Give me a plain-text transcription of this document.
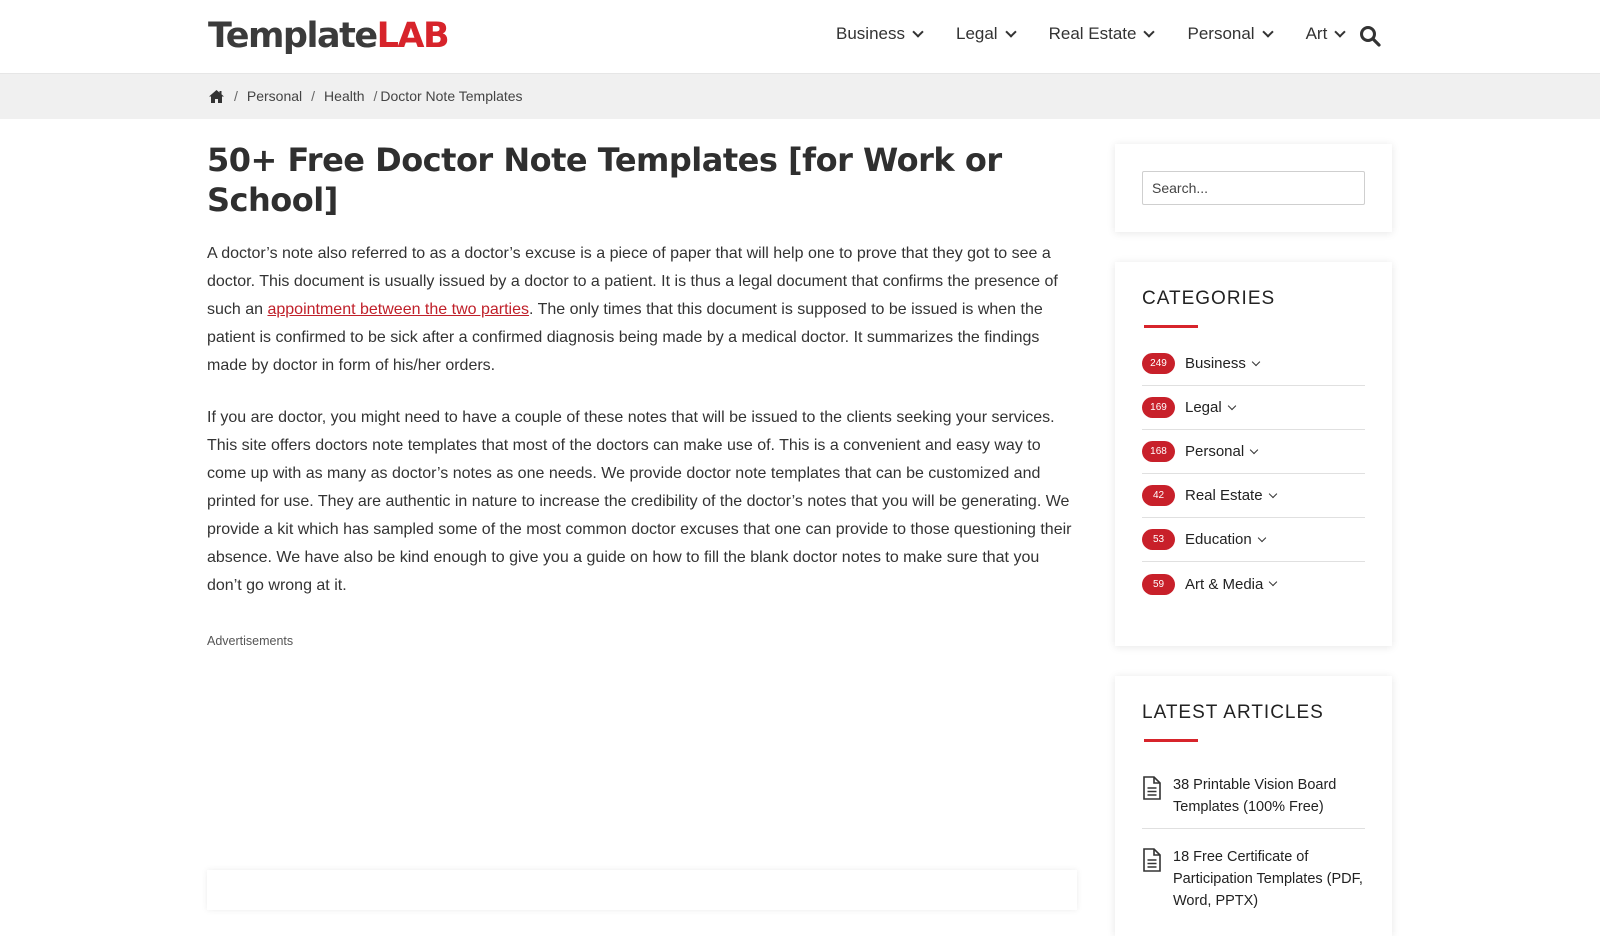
Template LAB	Business	Legal	Real Estate	Personal	Art
/ Personal / Health / Doctor Note Templates
50+ Free Doctor Note Templates [for Work or School]

A doctor’s note also referred to as a doctor’s excuse is a piece of paper that will help one to prove that they got to see a doctor. This document is usually issued by a doctor to a patient. It is thus a legal document that confirms the presence of such an appointment between the two parties. The only times that this document is supposed to be issued is when the patient is confirmed to be sick after a confirmed diagnosis being made by a medical doctor. It summarizes the findings made by doctor in form of his/her orders.

If you are doctor, you might need to have a couple of these notes that will be issued to the clients seeking your services. This site offers doctors note templates that most of the doctors can make use of. This is a convenient and easy way to come up with as many as doctor’s notes as one needs. We provide doctor note templates that can be customized and printed for use. They are authentic in nature to increase the credibility of the doctor’s notes that you will be generating. We provide a kit which has sampled some of the most common doctor excuses that one can provide to those questioning their absence. We have also be kind enough to give you a guide on how to fill the blank doctor notes to make sure that you don’t go wrong at it.

Advertisements
Search...
CATEGORIES
249	Business
169	Legal
168	Personal
42	Real Estate
53	Education
59	Art & Media
LATEST ARTICLES
38 Printable Vision Board Templates (100% Free)
18 Free Certificate of Participation Templates (PDF, Word, PPTX)
